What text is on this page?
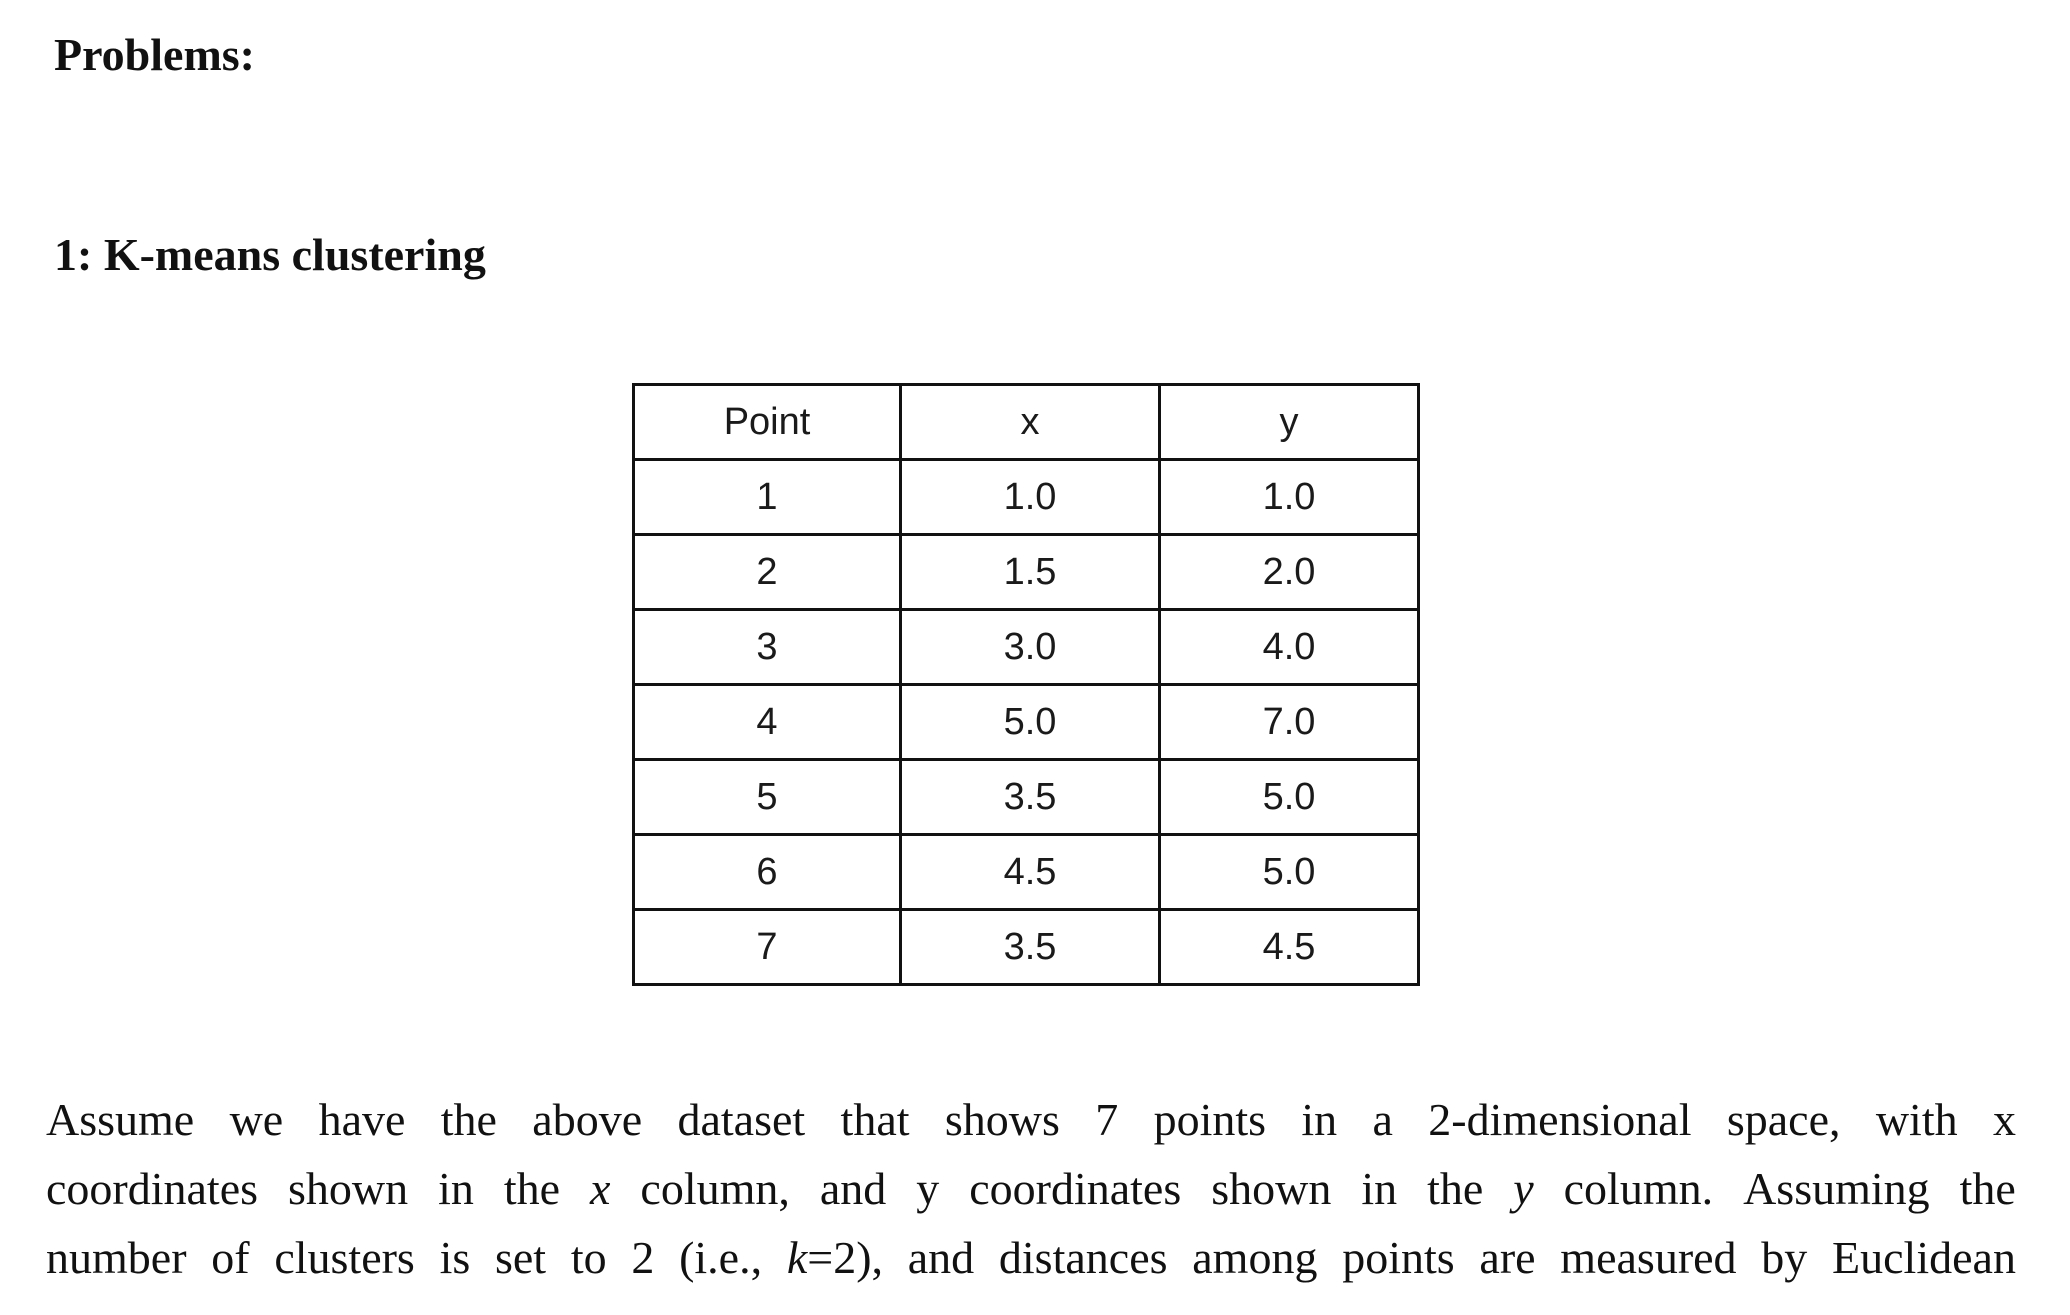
Problems:
1: K-means clustering
Point	x	y
1	1.0	1.0
2	1.5	2.0
3	3.0	4.0
4	5.0	7.0
5	3.5	5.0
6	4.5	5.0
7	3.5	4.5
Assume we have the above dataset that shows 7 points in a 2-dimensional space, with x
coordinates shown in the x column, and y coordinates shown in the y column. Assuming the
number of clusters is set to 2 (i.e., k=2), and distances among points are measured by Euclidean
